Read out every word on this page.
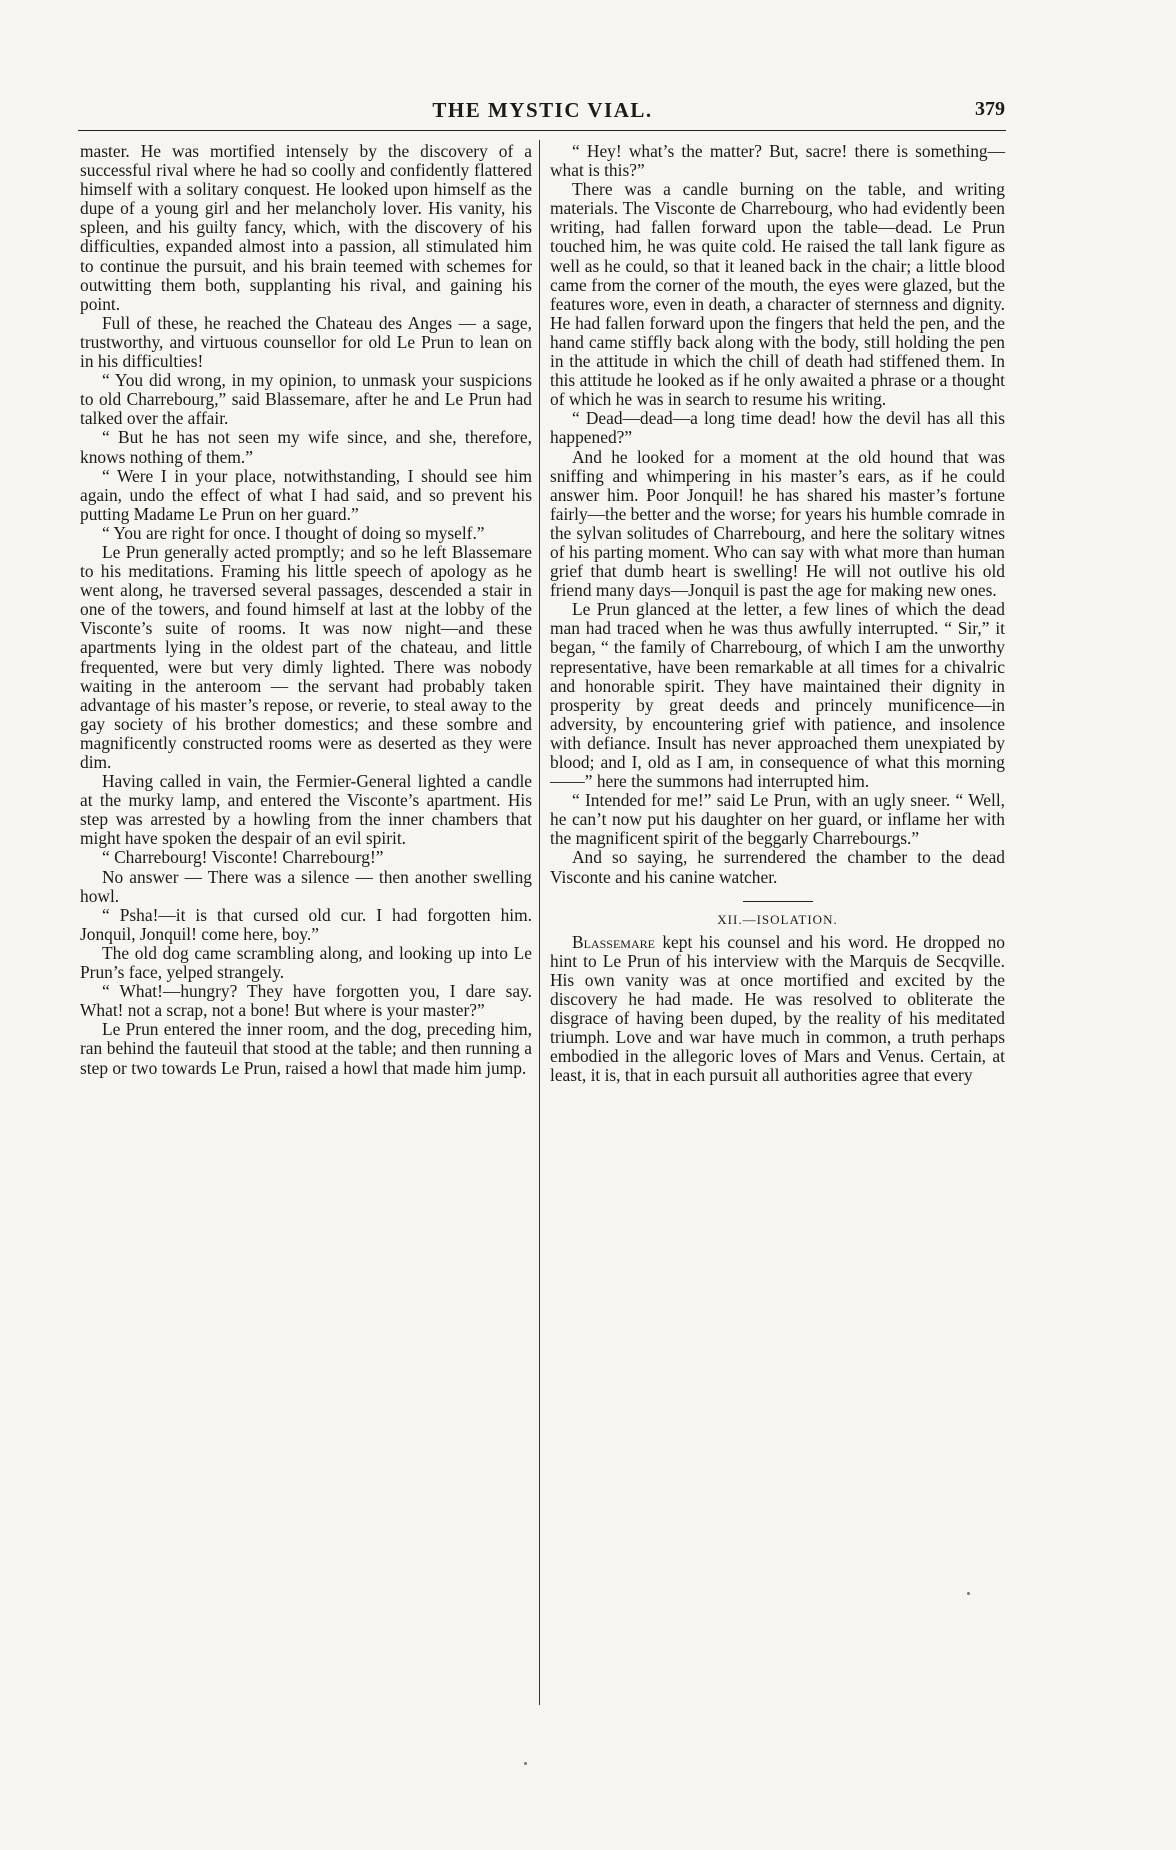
THE MYSTIC VIAL.	379

master. He was mortified intensely by the discovery of a successful rival where he had so coolly and confidently flattered himself with a solitary conquest. He looked upon himself as the dupe of a young girl and her melancholy lover. His vanity, his spleen, and his guilty fancy, which, with the discovery of his difficulties, expanded almost into a passion, all stimulated him to continue the pursuit, and his brain teemed with schemes for outwitting them both, supplanting his rival, and gaining his point.

Full of these, he reached the Chateau des Anges — a sage, trustworthy, and virtuous counsellor for old Le Prun to lean on in his difficulties!

“ You did wrong, in my opinion, to unmask your suspicions to old Charrebourg,” said Blassemare, after he and Le Prun had talked over the affair.

“ But he has not seen my wife since, and she, therefore, knows nothing of them.”

“ Were I in your place, notwithstanding, I should see him again, undo the effect of what I had said, and so prevent his putting Madame Le Prun on her guard.”

“ You are right for once. I thought of doing so myself.”

Le Prun generally acted promptly; and so he left Blassemare to his meditations. Framing his little speech of apology as he went along, he traversed several passages, descended a stair in one of the towers, and found himself at last at the lobby of the Visconte’s suite of rooms. It was now night—and these apartments lying in the oldest part of the chateau, and little frequented, were but very dimly lighted. There was nobody waiting in the anteroom — the servant had probably taken advantage of his master’s repose, or reverie, to steal away to the gay society of his brother domestics; and these sombre and magnificently constructed rooms were as deserted as they were dim.

Having called in vain, the Fermier-General lighted a candle at the murky lamp, and entered the Visconte’s apartment. His step was arrested by a howling from the inner chambers that might have spoken the despair of an evil spirit.

“ Charrebourg! Visconte! Charrebourg!”

No answer — There was a silence — then another swelling howl.

“ Psha!—it is that cursed old cur. I had forgotten him. Jonquil, Jonquil! come here, boy.”

The old dog came scrambling along, and looking up into Le Prun’s face, yelped strangely.

“ What!—hungry? They have forgotten you, I dare say. What! not a scrap, not a bone! But where is your master?”

Le Prun entered the inner room, and the dog, preceding him, ran behind the fauteuil that stood at the table; and then running a step or two towards Le Prun, raised a howl that made him jump.

“ Hey! what’s the matter? But, sacre! there is something—what is this?”

There was a candle burning on the table, and writing materials. The Visconte de Charrebourg, who had evidently been writing, had fallen forward upon the table—dead. Le Prun touched him, he was quite cold. He raised the tall lank figure as well as he could, so that it leaned back in the chair; a little blood came from the corner of the mouth, the eyes were glazed, but the features wore, even in death, a character of sternness and dignity. He had fallen forward upon the fingers that held the pen, and the hand came stiffly back along with the body, still holding the pen in the attitude in which the chill of death had stiffened them. In this attitude he looked as if he only awaited a phrase or a thought of which he was in search to resume his writing.

“ Dead—dead—a long time dead! how the devil has all this happened?”

And he looked for a moment at the old hound that was sniffing and whimpering in his master’s ears, as if he could answer him. Poor Jonquil! he has shared his master’s fortune fairly—the better and the worse; for years his humble comrade in the sylvan solitudes of Charrebourg, and here the solitary witnes of his parting moment. Who can say with what more than human grief that dumb heart is swelling! He will not outlive his old friend many days—Jonquil is past the age for making new ones.

Le Prun glanced at the letter, a few lines of which the dead man had traced when he was thus awfully interrupted. “ Sir,” it began, “ the family of Charrebourg, of which I am the unworthy representative, have been remarkable at all times for a chivalric and honorable spirit. They have maintained their dignity in prosperity by great deeds and princely munificence—in adversity, by encountering grief with patience, and insolence with defiance. Insult has never approached them unexpiated by blood; and I, old as I am, in consequence of what this morning——” here the summons had interrupted him.

“ Intended for me!” said Le Prun, with an ugly sneer. “ Well, he can’t now put his daughter on her guard, or inflame her with the magnificent spirit of the beggarly Charrebourgs.”

And so saying, he surrendered the chamber to the dead Visconte and his canine watcher.

XII.—ISOLATION.

Blassemare kept his counsel and his word. He dropped no hint to Le Prun of his interview with the Marquis de Secqville. His own vanity was at once mortified and excited by the discovery he had made. He was resolved to obliterate the disgrace of having been duped, by the reality of his meditated triumph. Love and war have much in common, a truth perhaps embodied in the allegoric loves of Mars and Venus. Certain, at least, it is, that in each pursuit all authorities agree that every
